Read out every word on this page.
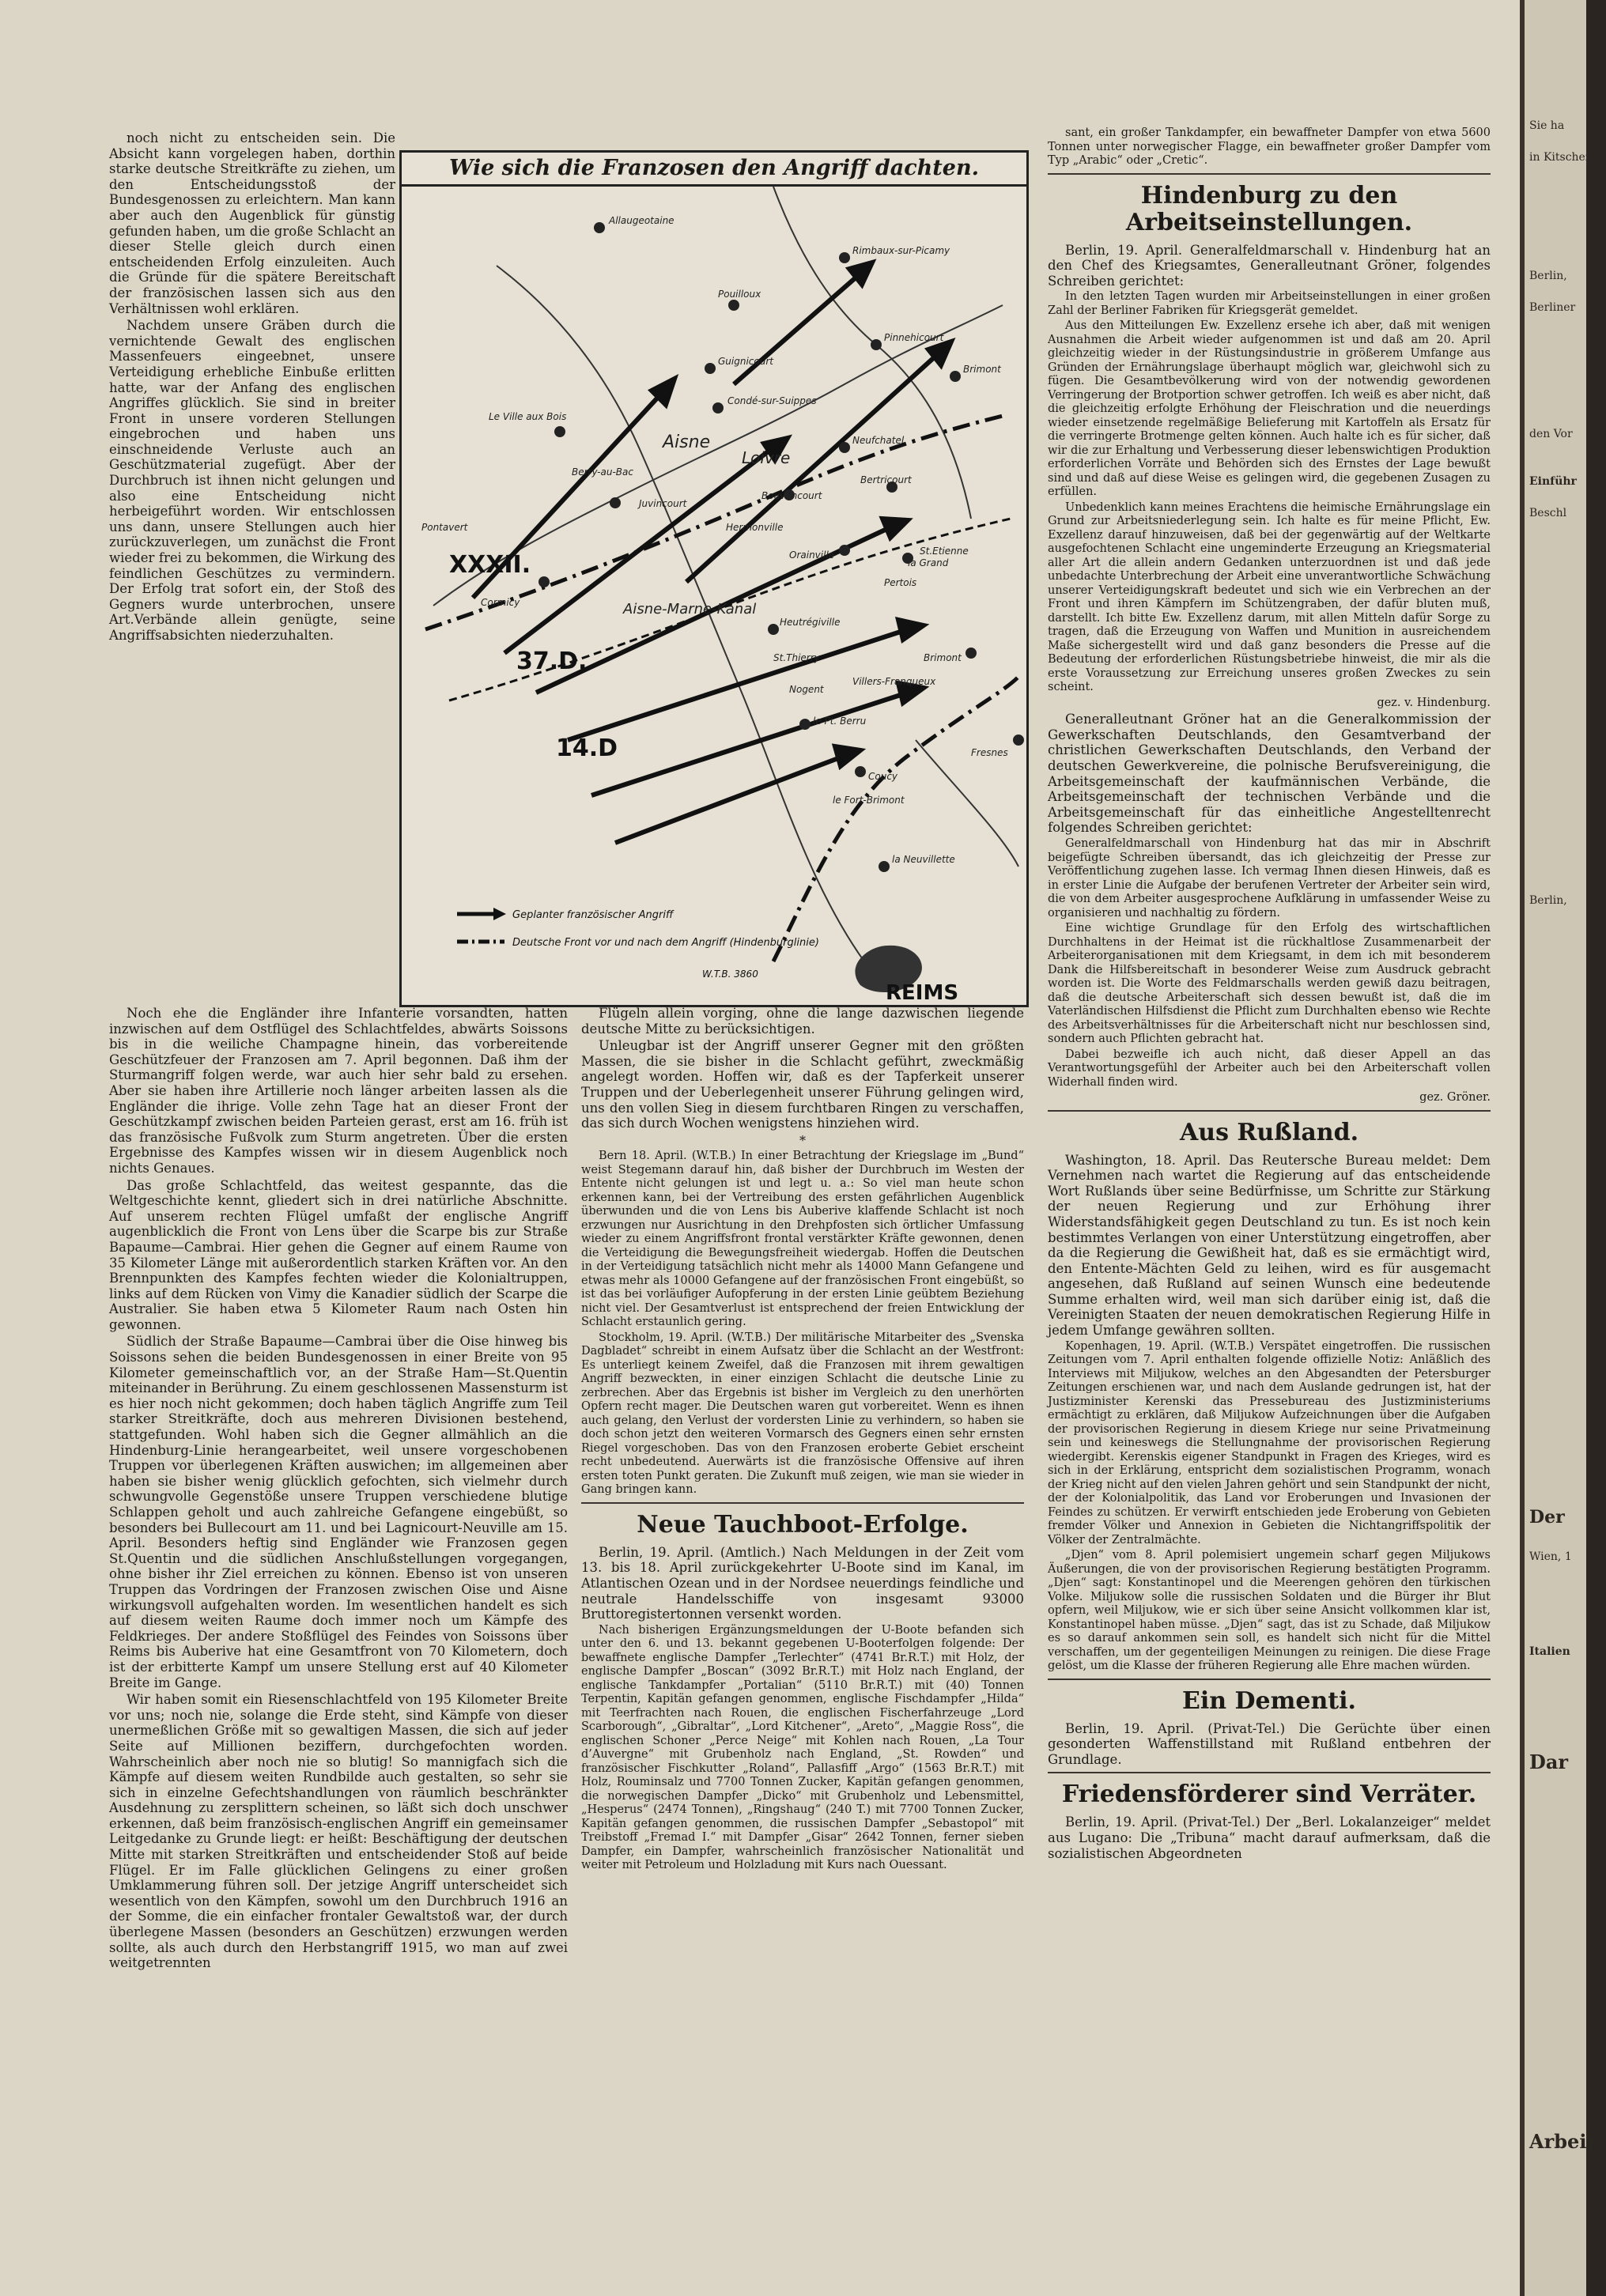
noch nicht zu entscheiden sein. Die Absicht kann vorgelegen haben, dorthin starke deutsche Streitkräfte zu ziehen, um den Entscheidungsstoß der Bundesgenossen zu erleichtern. Man kann aber auch den Augenblick für günstig gefunden haben, um die große Schlacht an dieser Stelle gleich durch einen entscheidenden Erfolg einzuleiten. Auch die Gründe für die spätere Bereitschaft der französischen lassen sich aus den Verhältnissen wohl erklären.

Nachdem unsere Gräben durch die vernichtende Gewalt des englischen Massenfeuers eingeebnet, unsere Verteidigung erhebliche Einbuße erlitten hatte, war der Anfang des englischen Angriffes glücklich. Sie sind in breiter Front in unsere vorderen Stellungen eingebrochen und haben uns einschneidende Verluste auch an Geschützmaterial zugefügt. Aber der Durchbruch ist ihnen nicht gelungen und also eine Entscheidung nicht herbeigeführt worden. Wir entschlossen uns dann, unsere Stellungen auch hier zurückzuverlegen, um zunächst die Front wieder frei zu bekommen, die Wirkung des feindlichen Geschützes zu vermindern. Der Erfolg trat sofort ein, der Stoß des Gegners wurde unterbrochen, unsere Art.Verbände allein genügte, seine Angriffsabsichten niederzuhalten.

Wie sich die Franzosen den Angriff dachten.
Allaugeotaine
Pontavert
Pouilloux
Rimbaux-sur-Picamy
Guignicourt
Pinnehicourt
Brimont
Neufchatel
Le Ville aux Bois
Condé-sur-Suippes
Aisne
Berry-au-Bac
Juvincourt
Loivre
Bertricourt
Bouvancourt
Hermonville
Orainville	St.Etienne
la Grand
Pertois
Cormicy
Heutrégiville
St.Thierry	Brimont
Aisne-Marne-Kanal
le Pt. Berru
Fresnes
Nogent
Villers-Franqueux
le Fort-Brimont
Coucy
la Neuvillette
XXXII.
37.D.
14.D
Geplanter französischer Angriff
Deutsche Front vor und nach dem Angriff (Hindenburglinie)
W.T.B. 3860
REIMS

Noch ehe die Engländer ihre Infanterie vorsandten, hatten inzwischen auf dem Ostflügel des Schlachtfeldes, abwärts Soissons bis in die weiliche Champagne hinein, das vorbereitende Geschützfeuer der Franzosen am 7. April begonnen. Daß ihm der Sturmangriff folgen werde, war auch hier sehr bald zu ersehen. Aber sie haben ihre Artillerie noch länger arbeiten lassen als die Engländer die ihrige. Volle zehn Tage hat an dieser Front der Geschützkampf zwischen beiden Parteien gerast, erst am 16. früh ist das französische Fußvolk zum Sturm angetreten. Über die ersten Ergebnisse des Kampfes wissen wir in diesem Augenblick noch nichts Genaues.

Das große Schlachtfeld, das weitest gespannte, das die Weltgeschichte kennt, gliedert sich in drei natürliche Abschnitte. Auf unserem rechten Flügel umfaßt der englische Angriff augenblicklich die Front von Lens über die Scarpe bis zur Straße Bapaume—Cambrai. Hier gehen die Gegner auf einem Raume von 35 Kilometer Länge mit außerordentlich starken Kräften vor. An den Brennpunkten des Kampfes fechten wieder die Kolonialtruppen, links auf dem Rücken von Vimy die Kanadier südlich der Scarpe die Australier. Sie haben etwa 5 Kilometer Raum nach Osten hin gewonnen.

Südlich der Straße Bapaume—Cambrai über die Oise hinweg bis Soissons sehen die beiden Bundesgenossen in einer Breite von 95 Kilometer gemeinschaftlich vor, an der Straße Ham—St.Quentin miteinander in Berührung. Zu einem geschlossenen Massensturm ist es hier noch nicht gekommen; doch haben täglich Angriffe zum Teil starker Streitkräfte, doch aus mehreren Divisionen bestehend, stattgefunden. Wohl haben sich die Gegner allmählich an die Hindenburg-Linie herangearbeitet, weil unsere vorgeschobenen Truppen vor überlegenen Kräften auswichen; im allgemeinen aber haben sie bisher wenig glücklich gefochten, sich vielmehr durch schwungvolle Gegenstöße unsere Truppen verschiedene blutige Schlappen geholt und auch zahlreiche Gefangene eingebüßt, so besonders bei Bullecourt am 11. und bei Lagnicourt-Neuville am 15. April. Besonders heftig sind Engländer wie Franzosen gegen St.Quentin und die südlichen Anschlußstellungen vorgegangen, ohne bisher ihr Ziel erreichen zu können. Ebenso ist von unseren Truppen das Vordringen der Franzosen zwischen Oise und Aisne wirkungsvoll aufgehalten worden. Im wesentlichen handelt es sich auf diesem weiten Raume doch immer noch um Kämpfe des Feldkrieges. Der andere Stoßflügel des Feindes von Soissons über Reims bis Auberive hat eine Gesamtfront von 70 Kilometern, doch ist der erbitterte Kampf um unsere Stellung erst auf 40 Kilometer Breite im Gange.

Wir haben somit ein Riesenschlachtfeld von 195 Kilometer Breite vor uns; noch nie, solange die Erde steht, sind Kämpfe von dieser unermeßlichen Größe mit so gewaltigen Massen, die sich auf jeder Seite auf Millionen beziffern, durchgefochten worden. Wahrscheinlich aber noch nie so blutig! So mannigfach sich die Kämpfe auf diesem weiten Rundbilde auch gestalten, so sehr sie sich in einzelne Gefechtshandlungen von räumlich beschränkter Ausdehnung zu zersplittern scheinen, so läßt sich doch unschwer erkennen, daß beim französisch-englischen Angriff ein gemeinsamer Leitgedanke zu Grunde liegt: er heißt: Beschäftigung der deutschen Mitte mit starken Streitkräften und entscheidender Stoß auf beide Flügel. Er im Falle glücklichen Gelingens zu einer großen Umklammerung führen soll. Der jetzige Angriff unterscheidet sich wesentlich von den Kämpfen, sowohl um den Durchbruch 1916 an der Somme, die ein einfacher frontaler Gewaltstoß war, der durch überlegene Massen (besonders an Geschützen) erzwungen werden sollte, als auch durch den Herbstangriff 1915, wo man auf zwei weitgetrennten

Flügeln allein vorging, ohne die lange dazwischen liegende deutsche Mitte zu berücksichtigen.

Unleugbar ist der Angriff unserer Gegner mit den größten Massen, die sie bisher in die Schlacht geführt, zweckmäßig angelegt worden. Hoffen wir, daß es der Tapferkeit unserer Truppen und der Ueberlegenheit unserer Führung gelingen wird, uns den vollen Sieg in diesem furchtbaren Ringen zu verschaffen, das sich durch Wochen wenigstens hinziehen wird.

*

Bern 18. April. (W.T.B.) In einer Betrachtung der Kriegslage im „Bund“ weist Stegemann darauf hin, daß bisher der Durchbruch im Westen der Entente nicht gelungen ist und legt u. a.: So viel man heute schon erkennen kann, bei der Vertreibung des ersten gefährlichen Augenblick überwunden und die von Lens bis Auberive klaffende Schlacht ist noch erzwungen nur Ausrichtung in den Drehpfosten sich örtlicher Umfassung wieder zu einem Angriffsfront frontal verstärkter Kräfte gewonnen, denen die Verteidigung die Bewegungsfreiheit wiedergab. Hoffen die Deutschen in der Verteidigung tatsächlich nicht mehr als 14000 Mann Gefangene und etwas mehr als 10000 Gefangene auf der französischen Front eingebüßt, so ist das bei vorläufiger Aufopferung in der ersten Linie geübtem Beziehung nicht viel. Der Gesamtverlust ist entsprechend der freien Entwicklung der Schlacht erstaunlich gering.

Stockholm, 19. April. (W.T.B.) Der militärische Mitarbeiter des „Svenska Dagbladet“ schreibt in einem Aufsatz über die Schlacht an der Westfront: Es unterliegt keinem Zweifel, daß die Franzosen mit ihrem gewaltigen Angriff bezweckten, in einer einzigen Schlacht die deutsche Linie zu zerbrechen. Aber das Ergebnis ist bisher im Vergleich zu den unerhörten Opfern recht mager. Die Deutschen waren gut vorbereitet. Wenn es ihnen auch gelang, den Verlust der vordersten Linie zu verhindern, so haben sie doch schon jetzt den weiteren Vormarsch des Gegners einen sehr ernsten Riegel vorgeschoben. Das von den Franzosen eroberte Gebiet erscheint recht unbedeutend. Auerwärts ist die französische Offensive auf ihren ersten toten Punkt geraten. Die Zukunft muß zeigen, wie man sie wieder in Gang bringen kann.

Neue Tauchboot-Erfolge.

Berlin, 19. April. (Amtlich.) Nach Meldungen in der Zeit vom 13. bis 18. April zurückgekehrter U-Boote sind im Kanal, im Atlantischen Ozean und in der Nordsee neuerdings feindliche und neutrale Handelsschiffe von insgesamt 93000 Bruttoregistertonnen versenkt worden.

Nach bisherigen Ergänzungsmeldungen der U-Boote befanden sich unter den 6. und 13. bekannt gegebenen U-Booterfolgen folgende: Der bewaffnete englische Dampfer „Terlechter“ (4741 Br.R.T.) mit Holz, der englische Dampfer „Boscan“ (3092 Br.R.T.) mit Holz nach England, der englische Tankdampfer „Portalian“ (5110 Br.R.T.) mit (40) Tonnen Terpentin, Kapitän gefangen genommen, englische Fischdampfer „Hilda“ mit Teerfrachten nach Rouen, die englischen Fischerfahrzeuge „Lord Scarborough“, „Gibraltar“, „Lord Kitchener“, „Areto“, „Maggie Ross“, die englischen Schoner „Perce Neige“ mit Kohlen nach Rouen, „La Tour d’Auvergne“ mit Grubenholz nach England, „St. Rowden“ und französischer Fischkutter „Roland“, Pallasfiff „Argo“ (1563 Br.R.T.) mit Holz, Rouminsalz und 7700 Tonnen Zucker, Kapitän gefangen genommen, die norwegischen Dampfer „Dicko“ mit Grubenholz und Lebensmittel, „Hesperus“ (2474 Tonnen), „Ringshaug“ (240 T.) mit 7700 Tonnen Zucker, Kapitän gefangen genommen, die russischen Dampfer „Sebastopol“ mit Treibstoff „Fremad I.“ mit Dampfer „Gisar“ 2642 Tonnen, ferner sieben Dampfer, ein Dampfer, wahrscheinlich französischer Nationalität und weiter mit Petroleum und Holzladung mit Kurs nach Ouessant.

sant, ein großer Tankdampfer, ein bewaffneter Dampfer von etwa 5600 Tonnen unter norwegischer Flagge, ein bewaffneter großer Dampfer vom Typ „Arabic“ oder „Cretic“.

Hindenburg zu den Arbeitseinstellungen.

Berlin, 19. April. Generalfeldmarschall v. Hindenburg hat an den Chef des Kriegsamtes, Generalleutnant Gröner, folgendes Schreiben gerichtet:

In den letzten Tagen wurden mir Arbeitseinstellungen in einer großen Zahl der Berliner Fabriken für Kriegsgerät gemeldet.

Aus den Mitteilungen Ew. Exzellenz ersehe ich aber, daß mit wenigen Ausnahmen die Arbeit wieder aufgenommen ist und daß am 20. April gleichzeitig wieder in der Rüstungsindustrie in größerem Umfange aus Gründen der Ernährungslage überhaupt möglich war, gleichwohl sich zu fügen. Die Gesamtbevölkerung wird von der notwendig gewordenen Verringerung der Brotportion schwer getroffen. Ich weiß es aber nicht, daß die gleichzeitig erfolgte Erhöhung der Fleischration und die neuerdings wieder einsetzende regelmäßige Belieferung mit Kartoffeln als Ersatz für die verringerte Brotmenge gelten können. Auch halte ich es für sicher, daß wir die zur Erhaltung und Verbesserung dieser lebenswichtigen Produktion erforderlichen Vorräte und Behörden sich des Ernstes der Lage bewußt sind und daß auf diese Weise es gelingen wird, die gegebenen Zusagen zu erfüllen.

Unbedenklich kann meines Erachtens die heimische Ernährungslage ein Grund zur Arbeitsniederlegung sein. Ich halte es für meine Pflicht, Ew. Exzellenz darauf hinzuweisen, daß bei der gegenwärtig auf der Weltkarte ausgefochtenen Schlacht eine ungeminderte Erzeugung an Kriegsmaterial aller Art die allein andern Gedanken unterzuordnen ist und daß jede unbedachte Unterbrechung der Arbeit eine unverantwortliche Schwächung unserer Verteidigungskraft bedeutet und sich wie ein Verbrechen an der Front und ihren Kämpfern im Schützengraben, der dafür bluten muß, darstellt. Ich bitte Ew. Exzellenz darum, mit allen Mitteln dafür Sorge zu tragen, daß die Erzeugung von Waffen und Munition in ausreichendem Maße sichergestellt wird und daß ganz besonders die Presse auf die Bedeutung der erforderlichen Rüstungsbetriebe hinweist, die mir als die erste Voraussetzung zur Erreichung unseres großen Zweckes zu sein scheint.

gez. v. Hindenburg.

Generalleutnant Gröner hat an die Generalkommission der Gewerkschaften Deutschlands, den Gesamtverband der christlichen Gewerkschaften Deutschlands, den Verband der deutschen Gewerkvereine, die polnische Berufsvereinigung, die Arbeitsgemeinschaft der kaufmännischen Verbände, die Arbeitsgemeinschaft der technischen Verbände und die Arbeitsgemeinschaft für das einheitliche Angestelltenrecht folgendes Schreiben gerichtet:

Generalfeldmarschall von Hindenburg hat das mir in Abschrift beigefügte Schreiben übersandt, das ich gleichzeitig der Presse zur Veröffentlichung zugehen lasse. Ich vermag Ihnen diesen Hinweis, daß es in erster Linie die Aufgabe der berufenen Vertreter der Arbeiter sein wird, die von dem Arbeiter ausgesprochene Aufklärung in umfassender Weise zu organisieren und nachhaltig zu fördern.

Eine wichtige Grundlage für den Erfolg des wirtschaftlichen Durchhaltens in der Heimat ist die rückhaltlose Zusammenarbeit der Arbeiterorganisationen mit dem Kriegsamt, in dem ich mit besonderem Dank die Hilfsbereitschaft in besonderer Weise zum Ausdruck gebracht worden ist. Die Worte des Feldmarschalls werden gewiß dazu beitragen, daß die deutsche Arbeiterschaft sich dessen bewußt ist, daß die im Vaterländischen Hilfsdienst die Pflicht zum Durchhalten ebenso wie Rechte des Arbeitsverhältnisses für die Arbeiterschaft nicht nur beschlossen sind, sondern auch Pflichten gebracht hat.

Dabei bezweifle ich auch nicht, daß dieser Appell an das Verantwortungsgefühl der Arbeiter auch bei den Arbeiterschaft vollen Widerhall finden wird.

gez. Gröner.

Aus Rußland.

Washington, 18. April. Das Reutersche Bureau meldet: Dem Vernehmen nach wartet die Regierung auf das entscheidende Wort Rußlands über seine Bedürfnisse, um Schritte zur Stärkung der neuen Regierung und zur Erhöhung ihrer Widerstandsfähigkeit gegen Deutschland zu tun. Es ist noch kein bestimmtes Verlangen von einer Unterstützung eingetroffen, aber da die Regierung die Gewißheit hat, daß es sie ermächtigt wird, den Entente-Mächten Geld zu leihen, wird es für ausgemacht angesehen, daß Rußland auf seinen Wunsch eine bedeutende Summe erhalten wird, weil man sich darüber einig ist, daß die Vereinigten Staaten der neuen demokratischen Regierung Hilfe in jedem Umfange gewähren sollten.

Kopenhagen, 19. April. (W.T.B.) Verspätet eingetroffen. Die russischen Zeitungen vom 7. April enthalten folgende offizielle Notiz: Anläßlich des Interviews mit Miljukow, welches an den Abgesandten der Petersburger Zeitungen erschienen war, und nach dem Auslande gedrungen ist, hat der Justizminister Kerenski das Pressebureau des Justizministeriums ermächtigt zu erklären, daß Miljukow Aufzeichnungen über die Aufgaben der provisorischen Regierung in diesem Kriege nur seine Privatmeinung sein und keineswegs die Stellungnahme der provisorischen Regierung wiedergibt. Kerenskis eigener Standpunkt in Fragen des Krieges, wird es sich in der Erklärung, entspricht dem sozialistischen Programm, wonach der Krieg nicht auf den vielen Jahren gehört und sein Standpunkt der nicht, der der Kolonialpolitik, das Land vor Eroberungen und Invasionen der Feindes zu schützen. Er verwirft entschieden jede Eroberung von Gebieten fremder Völker und Annexion in Gebieten die Nichtangriffspolitik der Völker der Zentralmächte.

„Djen“ vom 8. April polemisiert ungemein scharf gegen Miljukows Äußerungen, die von der provisorischen Regierung bestätigten Programm. „Djen“ sagt: Konstantinopel und die Meerengen gehören den türkischen Volke. Miljukow solle die russischen Soldaten und die Bürger ihr Blut opfern, weil Miljukow, wie er sich über seine Ansicht vollkommen klar ist, Konstantinopel haben müsse. „Djen“ sagt, das ist zu Schade, daß Miljukow es so darauf ankommen sein soll, es handelt sich nicht für die Mittel verschaffen, um der gegenteiligen Meinungen zu reinigen. Die diese Frage gelöst, um die Klasse der früheren Regierung alle Ehre machen würden.

Ein Dementi.

Berlin, 19. April. (Privat-Tel.) Die Gerüchte über einen gesonderten Waffenstillstand mit Rußland entbehren der Grundlage.

Friedensförderer sind Verräter.

Berlin, 19. April. (Privat-Tel.) Der „Berl. Lokalanzeiger“ meldet aus Lugano: Die „Tribuna“ macht darauf aufmerksam, daß die sozialistischen Abgeordneten

Sie ha
in Kitschez
Berlin,
Berliner
den Vor
Einführ
Beschl
Berlin,
Der
Wien, 1
Italien
Dar
Arbeits
